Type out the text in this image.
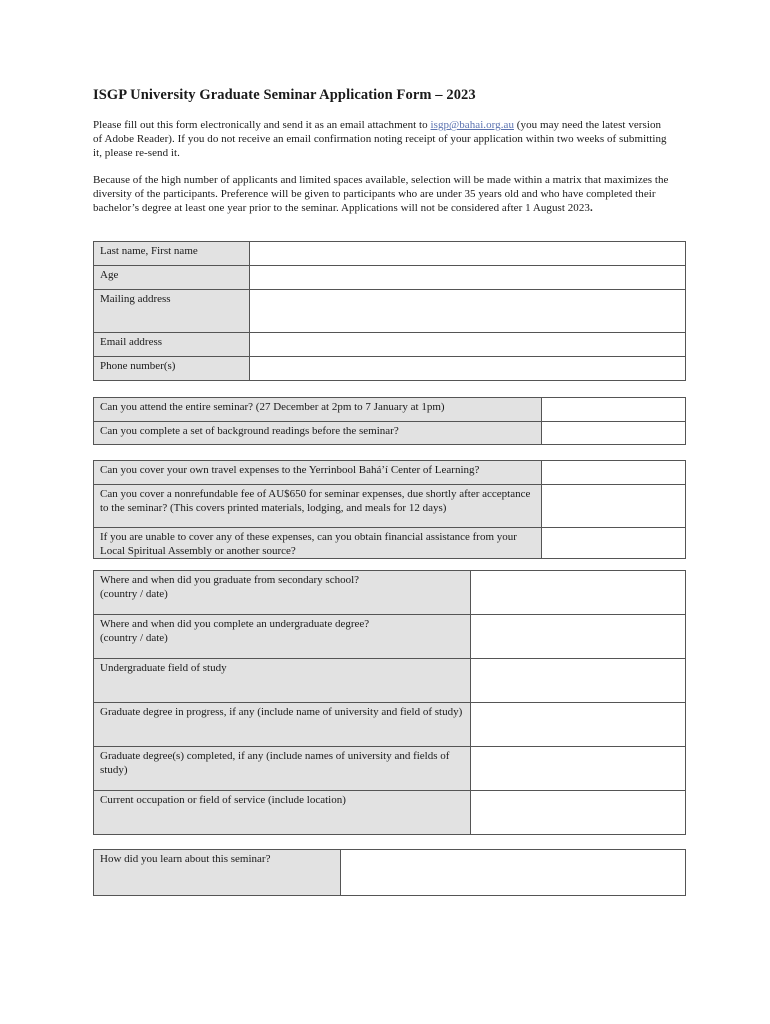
ISGP University Graduate Seminar Application Form – 2023

Please fill out this form electronically and send it as an email attachment to isgp@bahai.org.au (you may need the latest version of Adobe Reader). If you do not receive an email confirmation noting receipt of your application within two weeks of submitting it, please re-send it.

Because of the high number of applicants and limited spaces available, selection will be made within a matrix that maximizes the diversity of the participants. Preference will be given to participants who are under 35 years old and who have completed their bachelor’s degree at least one year prior to the seminar. Applications will not be considered after 1 August 2023.

Last name, First name	
Age	
Mailing address	
Email address	
Phone number(s)	
Can you attend the entire seminar? (27 December at 2pm to 7 January at 1pm)	
Can you complete a set of background readings before the seminar?	
Can you cover your own travel expenses to the Yerrinbool Bahá’í Center of Learning?	
Can you cover a nonrefundable fee of AU$650 for seminar expenses, due shortly after acceptance to the seminar? (This covers printed materials, lodging, and meals for 12 days)	
If you are unable to cover any of these expenses, can you obtain financial assistance from your Local Spiritual Assembly or another source?	
Where and when did you graduate from secondary school?
(country / date)	

Where and when did you complete an undergraduate degree?
(country / date)	

Undergraduate field of study	
Graduate degree in progress, if any (include name of university and field of study)	
Graduate degree(s) completed, if any (include names of university and fields of study)	
Current occupation or field of service (include location)	
How did you learn about this seminar?	
